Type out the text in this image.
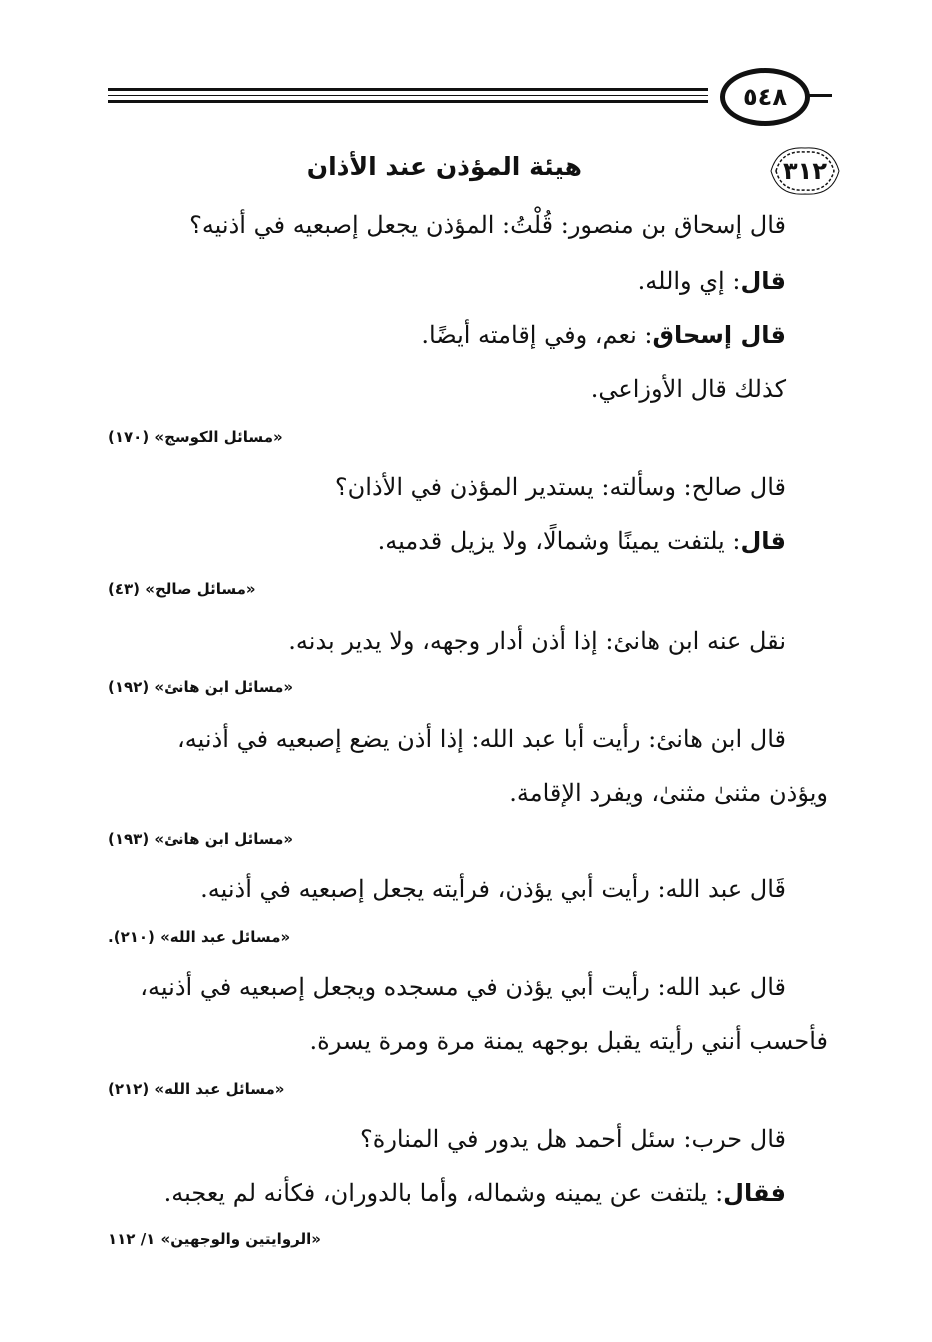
٥٤٨
٣١٢
هيئة المؤذن عند الأذان
قال إسحاق بن منصور: قُلْتُ: المؤذن يجعل إصبعيه في أذنيه؟
قال: إي والله.
قال إسحاق: نعم، وفي إقامته أيضًا.
كذلك قال الأوزاعي.
«مسائل الكوسج» (١٧٠)
قال صالح: وسألته: يستدير المؤذن في الأذان؟
قال: يلتفت يمينًا وشمالًا، ولا يزيل قدميه.
«مسائل صالح» (٤٣)
نقل عنه ابن هانئ: إذا أذن أدار وجهه، ولا يدير بدنه.
«مسائل ابن هانئ» (١٩٢)
قال ابن هانئ: رأيت أبا عبد الله: إذا أذن يضع إصبعيه في أذنيه،
ويؤذن مثنىٰ مثنىٰ، ويفرد الإقامة.
«مسائل ابن هانئ» (١٩٣)
قَال عبد الله: رأيت أبي يؤذن، فرأيته يجعل إصبعيه في أذنيه.
«مسائل عبد الله» (٢١٠).
قال عبد الله: رأيت أبي يؤذن في مسجده ويجعل إصبعيه في أذنيه،
فأحسب أنني رأيته يقبل بوجهه يمنة مرة ومرة يسرة.
«مسائل عبد الله» (٢١٢)
قال حرب: سئل أحمد هل يدور في المنارة؟
فقال: يلتفت عن يمينه وشماله، وأما بالدوران، فكأنه لم يعجبه.
«الروايتين والوجهين» ١/ ١١٢
